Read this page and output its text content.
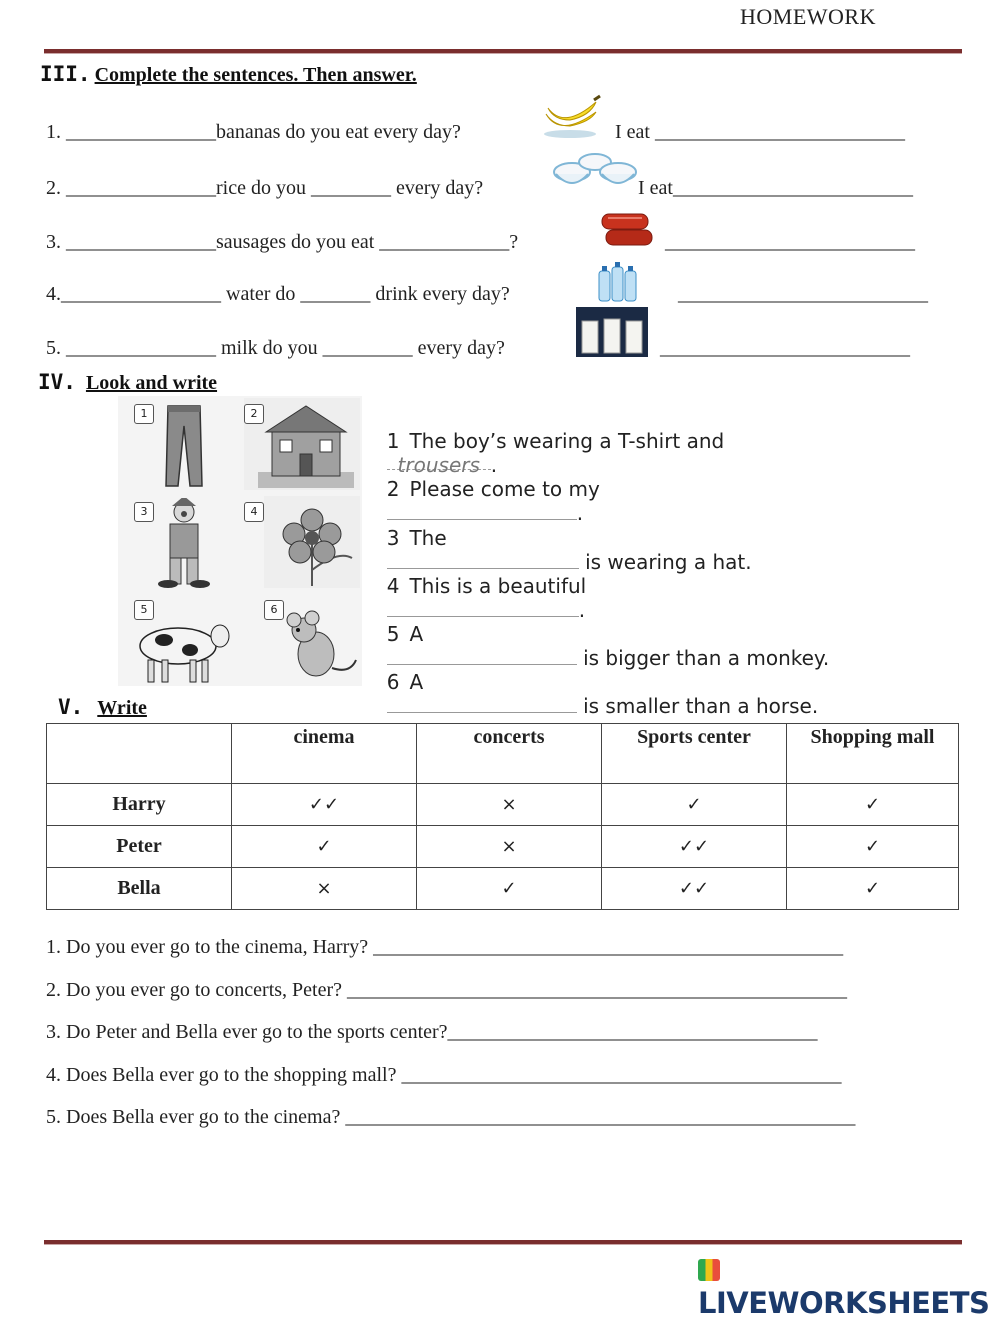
HOMEWORK
III. Complete the sentences. Then answer.
1. _______________bananas do you eat every day?	I eat _________________________
2. _______________rice do you ________ every day?	I eat________________________
3. _______________sausages do you eat _____________?	_________________________
4.________________ water do _______ drink every day?	_________________________
5. _______________ milk do you _________ every day?	_________________________
IV. Look and write
1	2
3	4
5	6

1 The boy’s wearing a T-shirt and
trousers .

2 Please come to my
.

3 The
is wearing a hat.

4 This is a beautiful
.

5 A
is bigger than a monkey.

6 A
is smaller than a horse.

V. Write
	cinema	concerts	Sports center	Shopping mall
Harry	✓✓	×	✓	✓
Peter	✓	×	✓✓	✓
Bella	×	✓	✓✓	✓
1. Do you ever go to the cinema, Harry? _______________________________________________
2. Do you ever go to concerts, Peter? __________________________________________________
3. Do Peter and Bella ever go to the sports center?_____________________________________
4. Does Bella ever go to the shopping mall? ____________________________________________
5. Does Bella ever go to the cinema? ___________________________________________________
LIVEWORKSHEETS
